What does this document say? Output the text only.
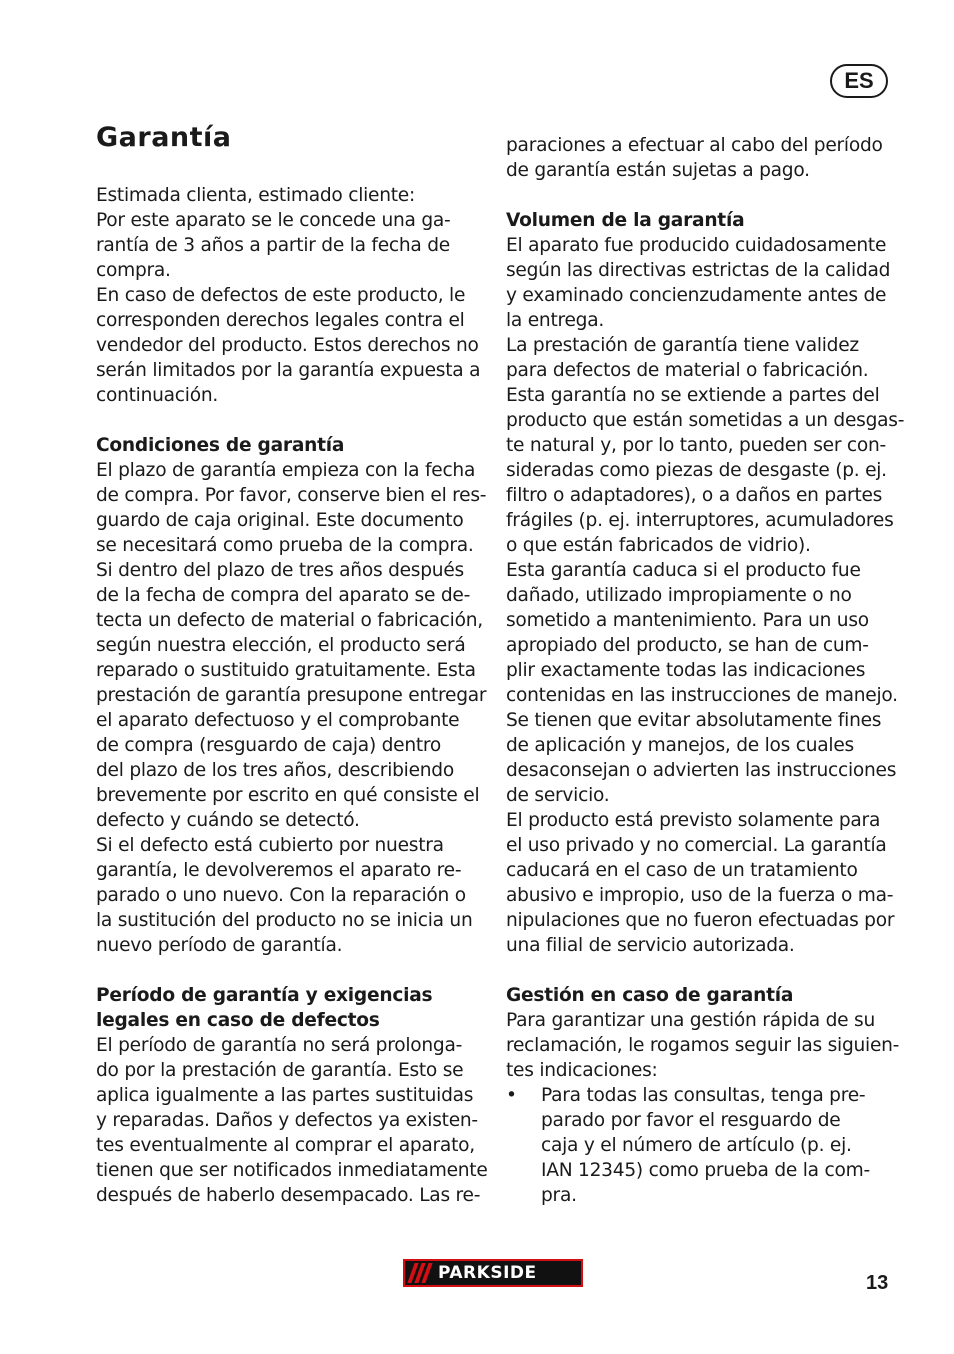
ES
Garantía
Estimada clienta, estimado cliente:
Por este aparato se le concede una ga-
rantía de 3 años a partir de la fecha de
compra.
En caso de defectos de este producto, le
corresponden derechos legales contra el
vendedor del producto. Estos derechos no
serán limitados por la garantía expuesta a
continuación.
Condiciones de garantía
El plazo de garantía empieza con la fecha
de compra. Por favor, conserve bien el res-
guardo de caja original. Este documento
se necesitará como prueba de la compra.
Si dentro del plazo de tres años después
de la fecha de compra del aparato se de-
tecta un defecto de material o fabricación,
según nuestra elección, el producto será
reparado o sustituido gratuitamente. Esta
prestación de garantía presupone entregar
el aparato defectuoso y el comprobante
de compra (resguardo de caja) dentro
del plazo de los tres años, describiendo
brevemente por escrito en qué consiste el
defecto y cuándo se detectó.
Si el defecto está cubierto por nuestra
garantía, le devolveremos el aparato re-
parado o uno nuevo. Con la reparación o
la sustitución del producto no se inicia un
nuevo período de garantía.
Período de garantía y exigencias
legales en caso de defectos
El período de garantía no será prolonga-
do por la prestación de garantía. Esto se
aplica igualmente a las partes sustituidas
y reparadas. Daños y defectos ya existen-
tes eventualmente al comprar el aparato,
tienen que ser notificados inmediatamente
después de haberlo desempacado. Las re-
paraciones a efectuar al cabo del período
de garantía están sujetas a pago.
Volumen de la garantía
El aparato fue producido cuidadosamente
según las directivas estrictas de la calidad
y examinado concienzudamente antes de
la entrega.
La prestación de garantía tiene validez
para defectos de material o fabricación.
Esta garantía no se extiende a partes del
producto que están sometidas a un desgas-
te natural y, por lo tanto, pueden ser con-
sideradas como piezas de desgaste (p. ej.
filtro o adaptadores), o a daños en partes
frágiles (p. ej. interruptores, acumuladores
o que están fabricados de vidrio).
Esta garantía caduca si el producto fue
dañado, utilizado impropiamente o no
sometido a mantenimiento. Para un uso
apropiado del producto, se han de cum-
plir exactamente todas las indicaciones
contenidas en las instrucciones de manejo.
Se tienen que evitar absolutamente fines
de aplicación y manejos, de los cuales
desaconsejan o advierten las instrucciones
de servicio.
El producto está previsto solamente para
el uso privado y no comercial. La garantía
caducará en el caso de un tratamiento
abusivo e impropio, uso de la fuerza o ma-
nipulaciones que no fueron efectuadas por
una filial de servicio autorizada.
Gestión en caso de garantía
Para garantizar una gestión rápida de su
reclamación, le rogamos seguir las siguien-
tes indicaciones:
•	Para todas las consultas, tenga pre-
parado por favor el resguardo de
caja y el número de artículo (p. ej.
IAN 12345) como prueba de la com-
pra.
PARKSIDE	13
